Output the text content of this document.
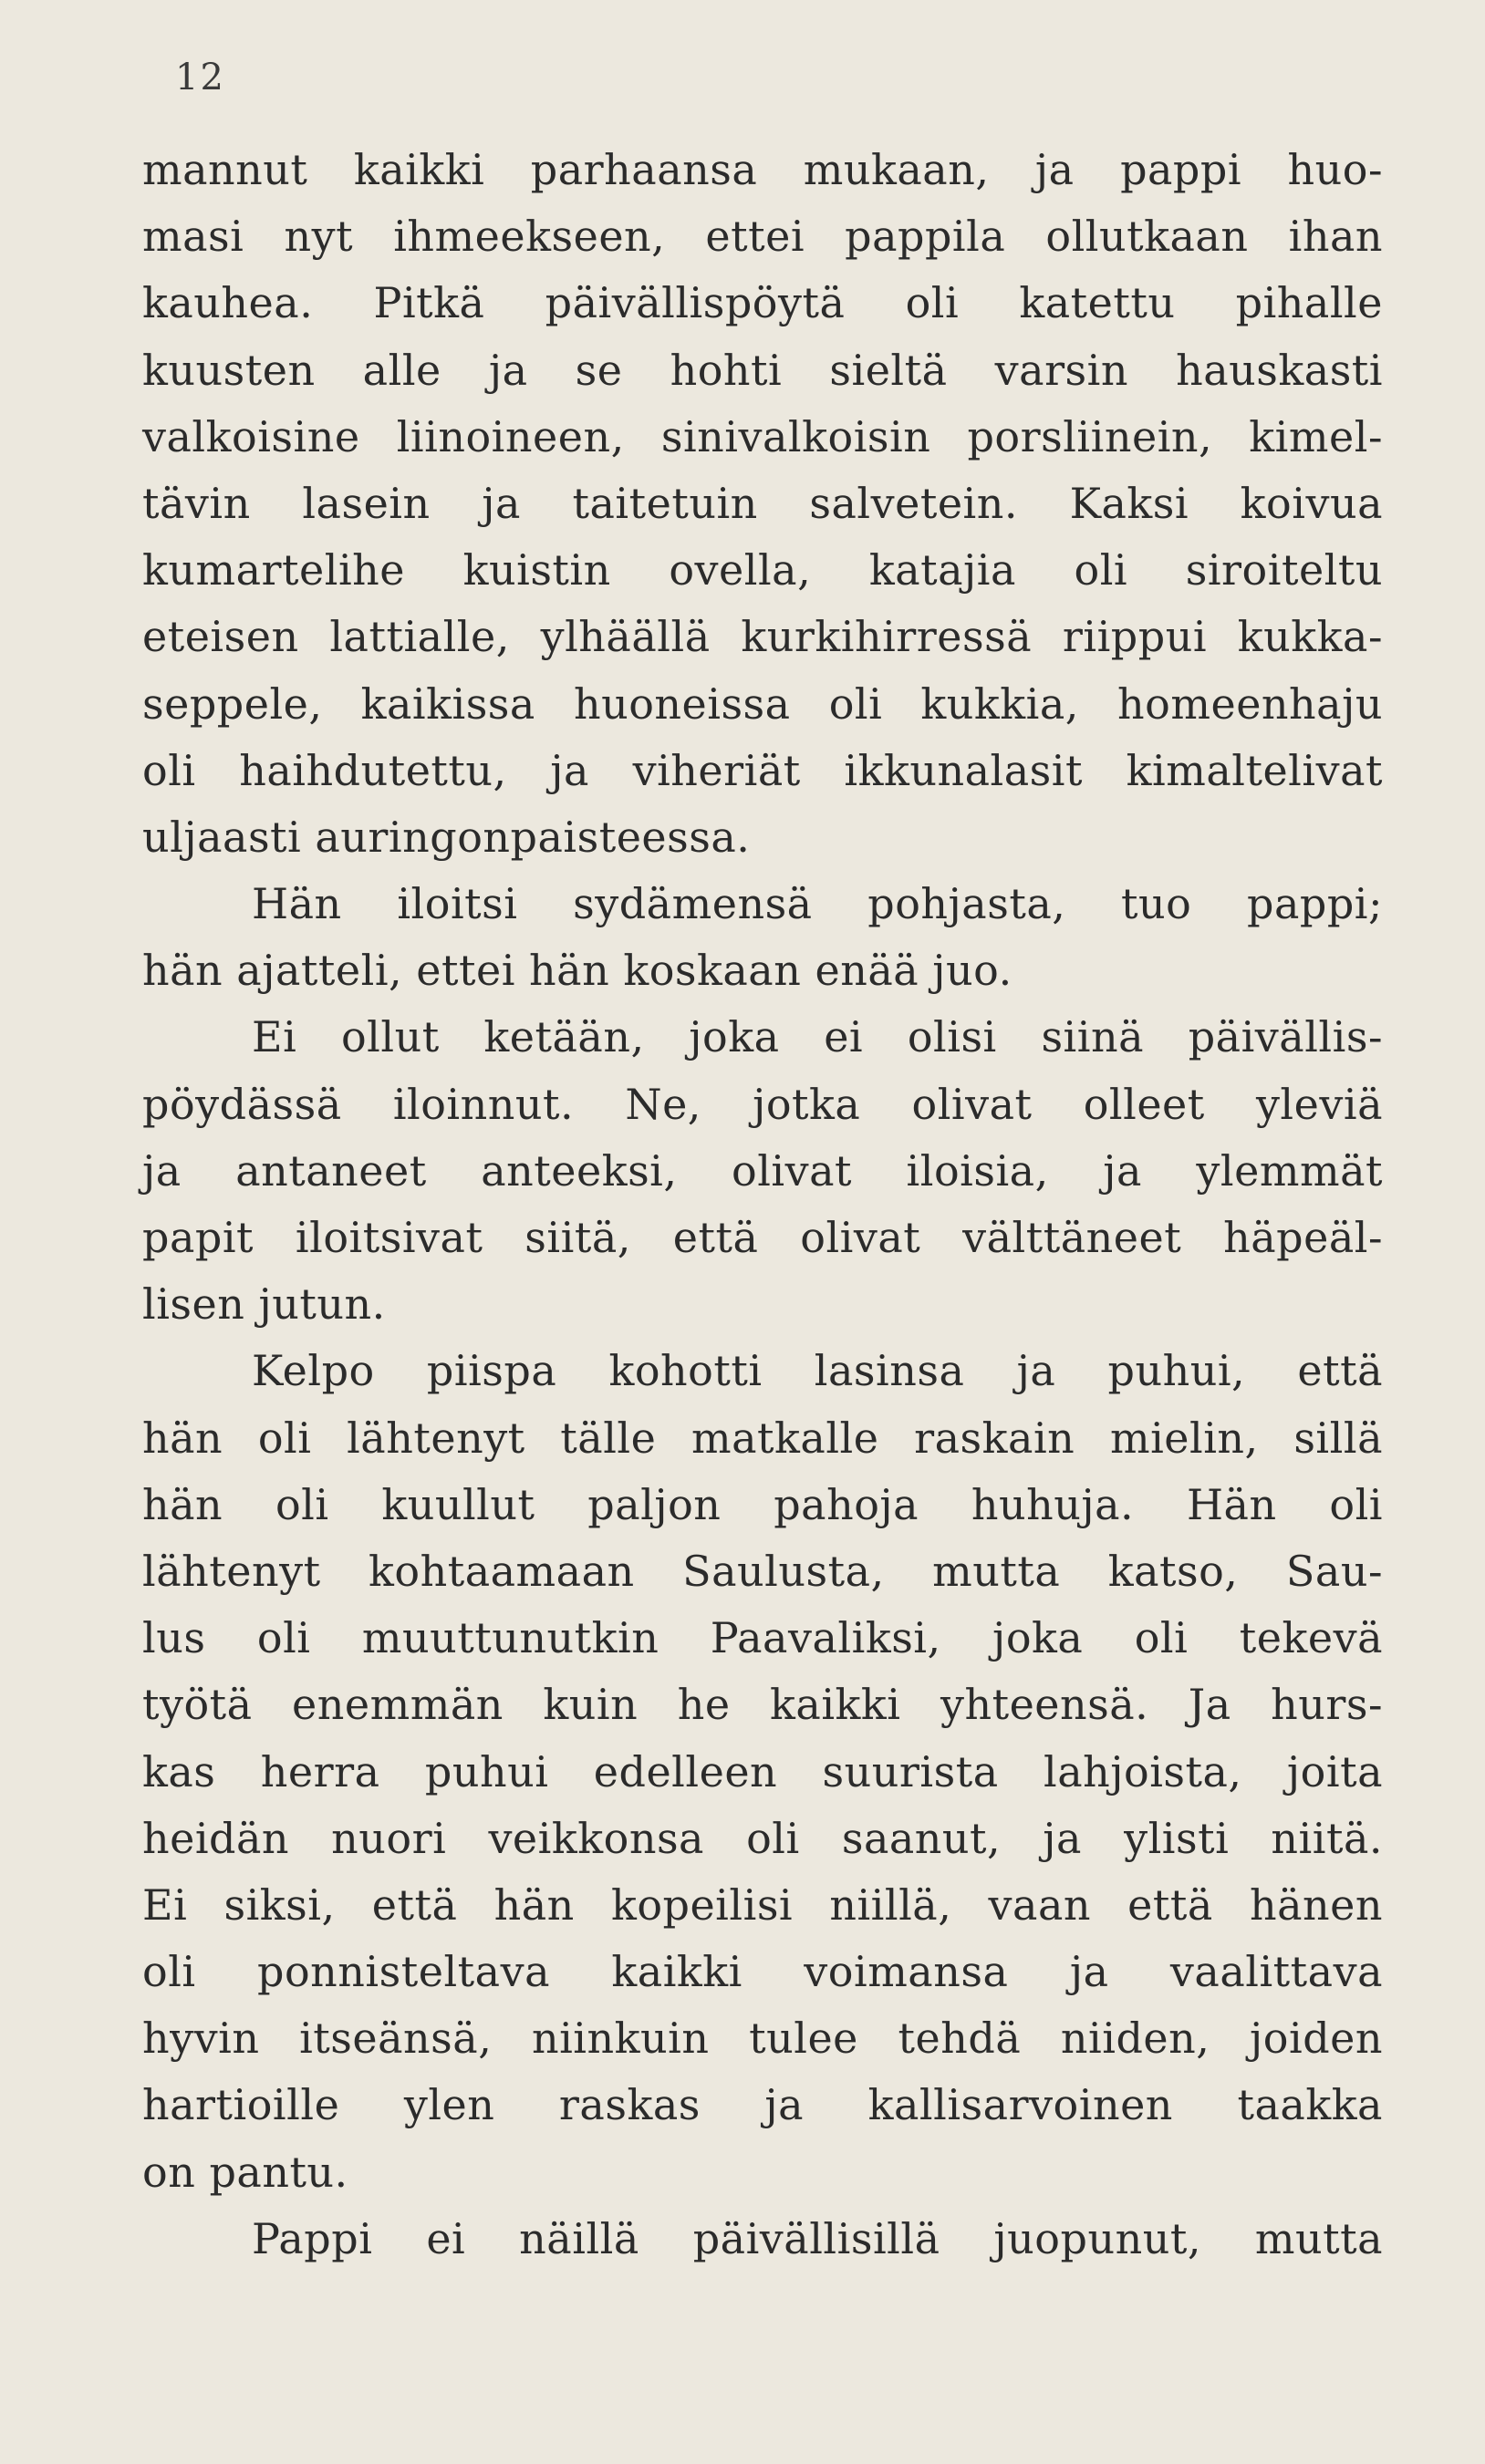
12
mannut kaikki parhaansa mukaan, ja pappi huo-
masi nyt ihmeekseen, ettei pappila ollutkaan ihan
kauhea. Pitkä päivällispöytä oli katettu pihalle
kuusten alle ja se hohti sieltä varsin hauskasti
valkoisine liinoineen, sinivalkoisin porsliinein, kimel-
tävin lasein ja taitetuin salvetein. Kaksi koivua
kumartelihe kuistin ovella, katajia oli siroiteltu
eteisen lattialle, ylhäällä kurkihirressä riippui kukka-
seppele, kaikissa huoneissa oli kukkia, homeenhaju
oli haihdutettu, ja viheriät ikkunalasit kimaltelivat
uljaasti auringonpaisteessa.
Hän iloitsi sydämensä pohjasta, tuo pappi;
hän ajatteli, ettei hän koskaan enää juo.
Ei ollut ketään, joka ei olisi siinä päivällis-
pöydässä iloinnut. Ne, jotka olivat olleet yleviä
ja antaneet anteeksi, olivat iloisia, ja ylemmät
papit iloitsivat siitä, että olivat välttäneet häpeäl-
lisen jutun.
Kelpo piispa kohotti lasinsa ja puhui, että
hän oli lähtenyt tälle matkalle raskain mielin, sillä
hän oli kuullut paljon pahoja huhuja. Hän oli
lähtenyt kohtaamaan Saulusta, mutta katso, Sau-
lus oli muuttunutkin Paavaliksi, joka oli tekevä
työtä enemmän kuin he kaikki yhteensä. Ja hurs-
kas herra puhui edelleen suurista lahjoista, joita
heidän nuori veikkonsa oli saanut, ja ylisti niitä.
Ei siksi, että hän kopeilisi niillä, vaan että hänen
oli ponnisteltava kaikki voimansa ja vaalittava
hyvin itseänsä, niinkuin tulee tehdä niiden, joiden
hartioille ylen raskas ja kallisarvoinen taakka
on pantu.
Pappi ei näillä päivällisillä juopunut, mutta
